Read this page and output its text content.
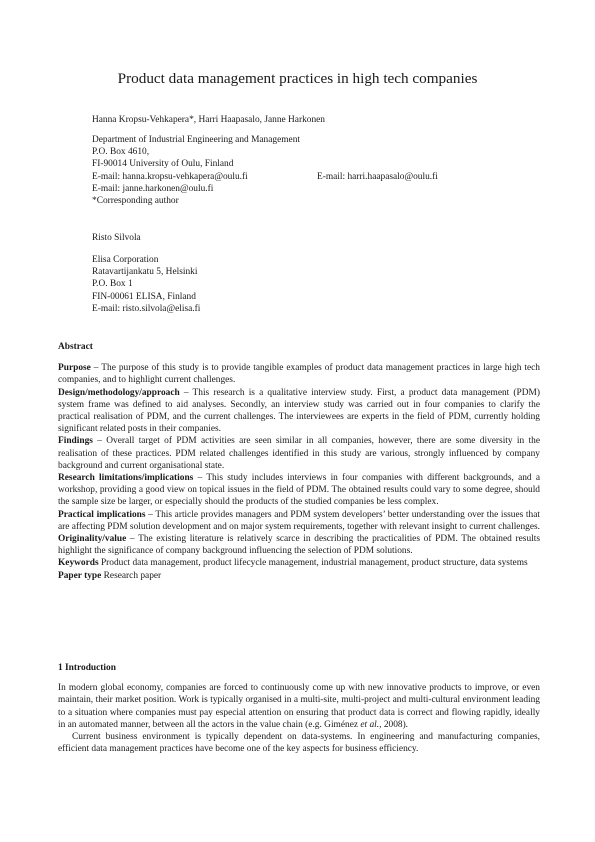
Product data management practices in high tech companies
Hanna Kropsu-Vehkapera*, Harri Haapasalo, Janne Harkonen
Department of Industrial Engineering and Management
P.O. Box 4610,
FI-90014 University of Oulu, Finland
E-mail: hanna.kropsu-vehkapera@oulu.fi	E-mail: harri.haapasalo@oulu.fi
E-mail: janne.harkonen@oulu.fi
*Corresponding author
Risto Silvola
Elisa Corporation
Ratavartijankatu 5, Helsinki
P.O. Box 1
FIN-00061 ELISA, Finland
E-mail: risto.silvola@elisa.fi

Abstract

Purpose – The purpose of this study is to provide tangible examples of product data management practices in large high tech companies, and to highlight current challenges.

Design/methodology/approach – This research is a qualitative interview study. First, a product data management (PDM) system frame was defined to aid analyses. Secondly, an interview study was carried out in four companies to clarify the practical realisation of PDM, and the current challenges. The interviewees are experts in the field of PDM, currently holding significant related posts in their companies.

Findings – Overall target of PDM activities are seen similar in all companies, however, there are some diversity in the realisation of these practices. PDM related challenges identified in this study are various, strongly influenced by company background and current organisational state.

Research limitations/implications – This study includes interviews in four companies with different backgrounds, and a workshop, providing a good view on topical issues in the field of PDM. The obtained results could vary to some degree, should the sample size be larger, or especially should the products of the studied companies be less complex.

Practical implications – This article provides managers and PDM system developers’ better understanding over the issues that are affecting PDM solution development and on major system requirements, together with relevant insight to current challenges.

Originality/value – The existing literature is relatively scarce in describing the practicalities of PDM. The obtained results highlight the significance of company background influencing the selection of PDM solutions.

Keywords Product data management, product lifecycle management, industrial management, product structure, data systems

Paper type Research paper

1 Introduction

In modern global economy, companies are forced to continuously come up with new innovative products to improve, or even maintain, their market position. Work is typically organised in a multi-site, multi-project and multi-cultural environment leading to a situation where companies must pay especial attention on ensuring that product data is correct and flowing rapidly, ideally in an automated manner, between all the actors in the value chain (e.g. Giménez et al., 2008).

Current business environment is typically dependent on data-systems. In engineering and manufacturing companies, efficient data management practices have become one of the key aspects for business efficiency.
